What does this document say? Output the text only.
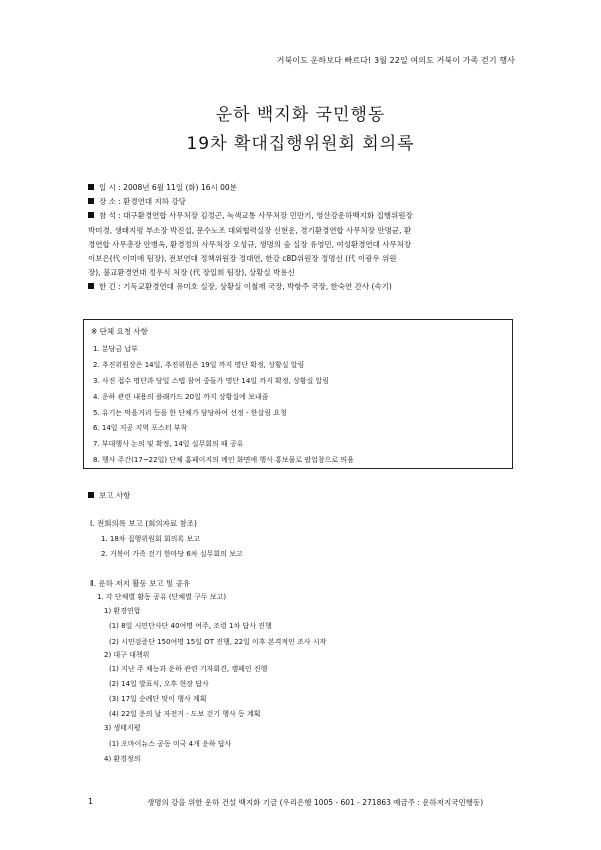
거북이도 운하보다 빠르다! 3월 22일 여의도 거북이 가족 걷기 행사
운하 백지화 국민행동
19차 확대집행위원회 회의록
일 시 : 2008년 6월 11일 (화) 16시 00분
장 소 : 환경연대 지하 강당
참 석 : 대구환경연합 사무처장 김정곤, 녹색교통 사무처장 민만기, 영산강운하백지화 집행위원장
박미경, 생태지평 부소장 박진섭, 문수노조 대외협력실장 신현운, 경기환경연합 사무처장 안명균, 환
경연합 사무총장 안병옥, 환경정의 사무처장 오성규, 생명의 숲 실장 유영민, 여성환경연대 사무처장
이보은(代 이미애 팀장), 전보연대 정책위원장 정대연, 한강 c8D위원장 정명선 (代 이광우 위원
장), 불교환경연대 정우식 처장 (代 장일희 팀장), 상황실 박용신
한 긴 : 기독교환경연대 유미호 실장, 상황실 이철재 국장, 박항주 국장, 한숙연 간사 (속기)
※ 단체 요청 사항
1. 분담금 납부
2. 추진위원장은 14일, 추진위원은 19일 까지 명단 확정, 상황실 알림
3. 사진 접수 명단과 당일 스텝 참여 중들가 명단 14일 까지 확정, 상황실 알림
4. 운하 관련 내용의 플래카드 20일 까지 상황실에 보내줌
5. 유기는 먹을거리 등을 한 단체가 담당하여 선정 - 한살림 요청
6. 14일 지공 지역 포스터 부착
7. 부대행사 논의 및 확정, 14일 실무회의 때 공유
8. 행사 주간(17~22일) 단체 홈페이지의 메인 화면에 행사 홍보물로 팝업창으로 띄움
보고 사항
Ⅰ. 전회의록 보고 (회의자료 참조)
1. 18차 집행위원회 회의록 보고
2. 거북이 가족 걷기 한마당 6차 실무회의 보고
Ⅱ. 운하 저지 활동 보고 및 공유
1. 각 단체별 활동 공유 (단체별 구두 보고)
1) 환경연합
(1) 8일 시민단사단 40여명 여주, 조령 1차 답사 진행
(2) 시민검증단 150여명 15일 OT 진행, 22일 이후 본격적인 조사 시작
2) 대구 대책위
(1) 지난 주 체능과 운하 관련 기자회견, 캠페인 진행
(2) 14일 발표식, 오후 현장 답사
(3) 17일 순례단 맞이 행사 계획
(4) 22일 운의 날 자전거 · 도보 걷기 행사 등 계획
3) 생태지평
(1) 오마이뉴스 공동 미국 4개 운하 답사
4) 환경정의
1	생명의 강을 위한 운하 건설 백지화 기금 (우리은행 1005 - 601 - 271863 예금주 : 운하저지국민행동)
